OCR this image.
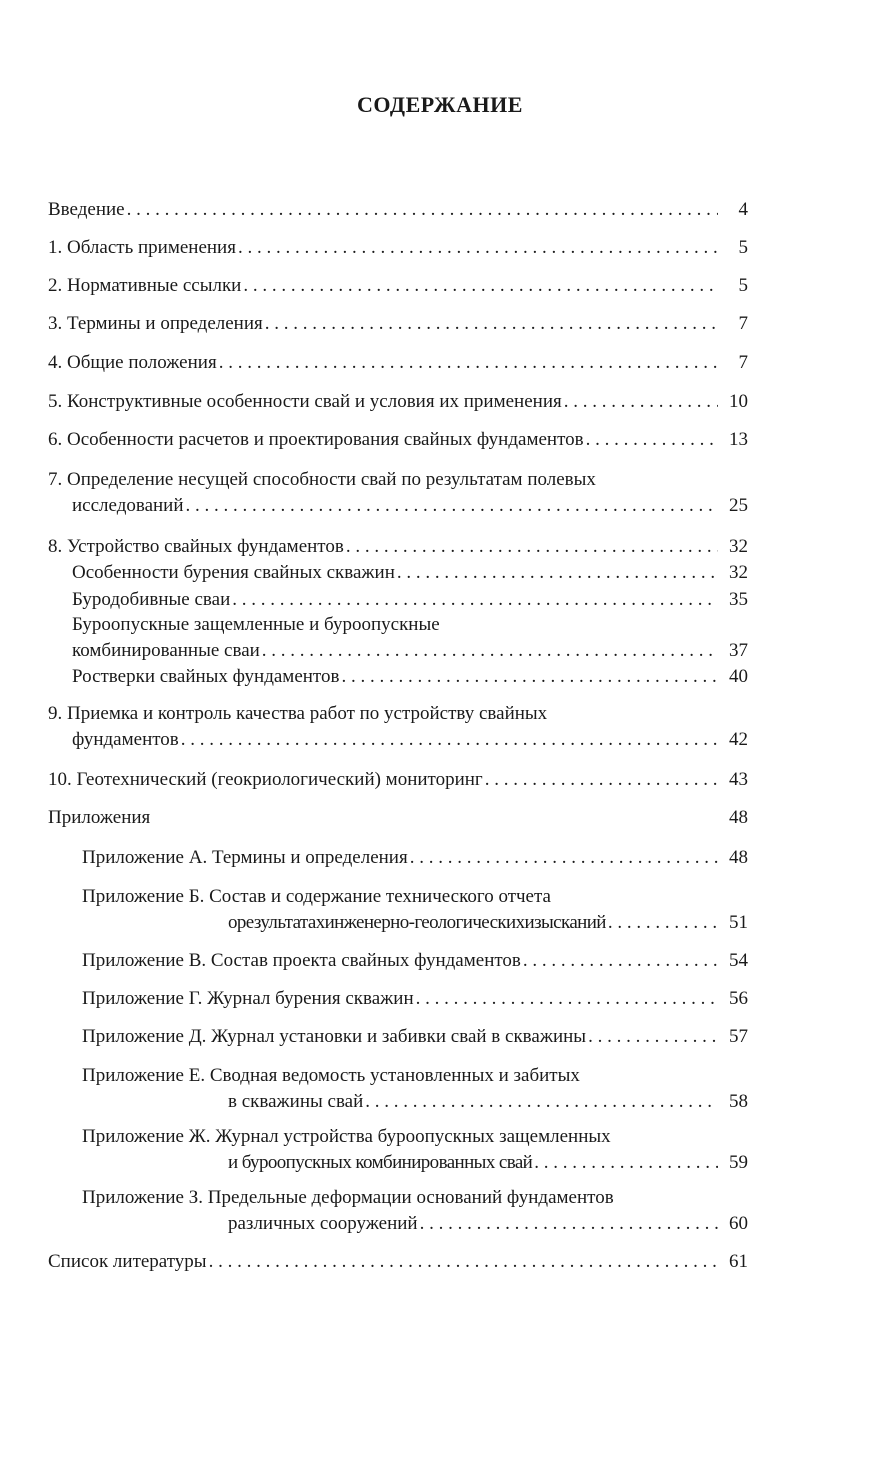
СОДЕРЖАНИЕ
Введение . . .	4
1. Область применения . . .	5
2. Нормативные ссылки . . .	5
3. Термины и определения . . .	7
4. Общие положения . . .	7
5. Конструктивные особенности свай и условия их применения . . .	10
6. Особенности расчетов и проектирования свайных фундаментов . . .	13
7. Определение несущей способности свай по результатам полевых
исследований . . .	25
8. Устройство свайных фундаментов . . .	32
Особенности бурения свайных скважин . . .	32
Буродобивные сваи . . .	35
Буроопускные защемленные и буроопускные
комбинированные сваи . . .	37
Ростверки свайных фундаментов . . .	40
9. Приемка и контроль качества работ по устройству свайных
фундаментов . . .	42
10. Геотехнический (геокриологический) мониторинг . . .	43
Приложения	48
Приложение А. Термины и определения . . .	48
Приложение Б. Состав и содержание технического отчета
орезультатахинженерно-геологическихизысканий . . .	51
Приложение В. Состав проекта свайных фундаментов . . .	54
Приложение Г. Журнал бурения скважин . . .	56
Приложение Д. Журнал установки и забивки свай в скважины . . .	57
Приложение Е. Сводная ведомость установленных и забитых
в скважины свай . . .	58
Приложение Ж. Журнал устройства буроопускных защемленных
и буроопускных комбинированных свай . . .	59
Приложение З. Предельные деформации оснований фундаментов
различных сооружений . . .	60
Список литературы . . .	61
